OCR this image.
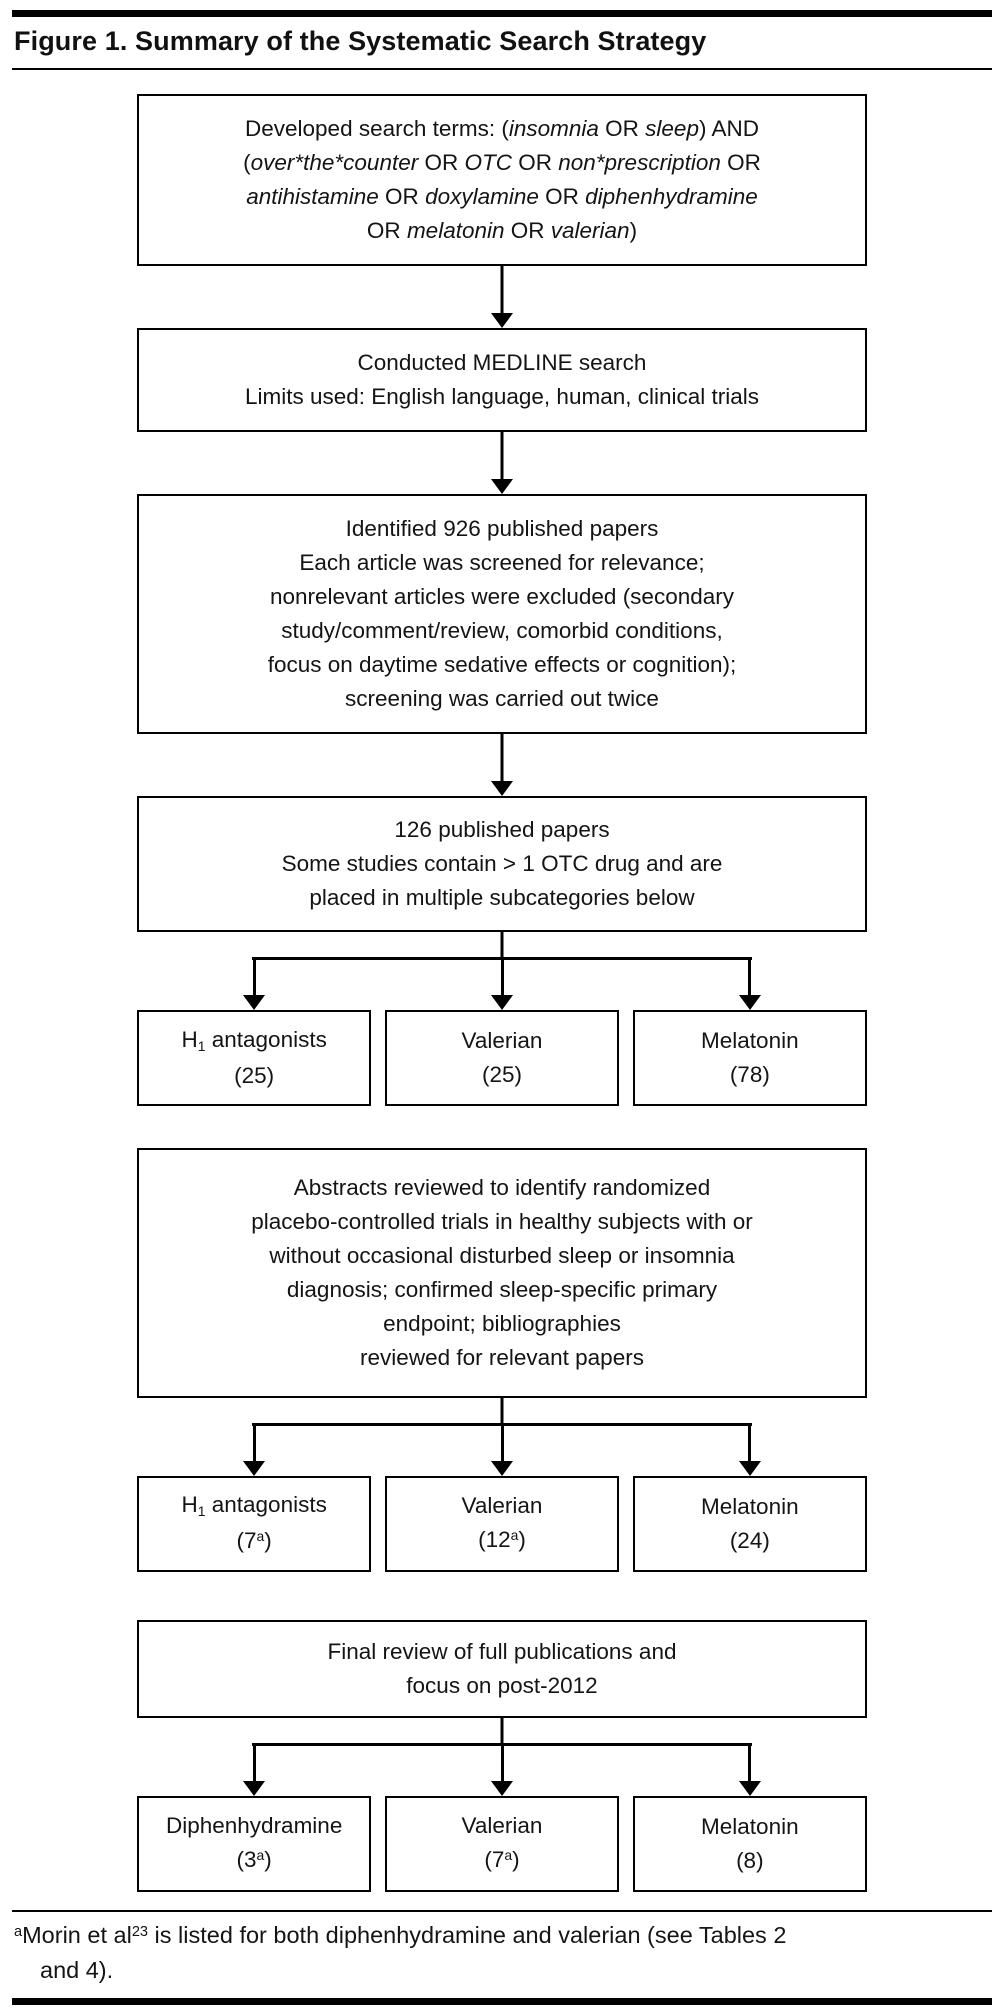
Figure 1. Summary of the Systematic Search Strategy
Developed search terms: (insomnia OR sleep) AND
(over*the*counter OR OTC OR non*prescription OR
antihistamine OR doxylamine OR diphenhydramine
OR melatonin OR valerian)
Conducted MEDLINE search
Limits used: English language, human, clinical trials
Identified 926 published papers
Each article was screened for relevance;
nonrelevant articles were excluded (secondary
study/comment/review, comorbid conditions,
focus on daytime sedative effects or cognition);
screening was carried out twice
126 published papers
Some studies contain > 1 OTC drug and are
placed in multiple subcategories below
H1 antagonists
(25)
Valerian
(25)
Melatonin
(78)
Abstracts reviewed to identify randomized
placebo-controlled trials in healthy subjects with or
without occasional disturbed sleep or insomnia
diagnosis; confirmed sleep-specific primary
endpoint; bibliographies
reviewed for relevant papers
H1 antagonists
(7$^a$)
Valerian
(12$^a$)
Melatonin
(24)
Final review of full publications and
focus on post-2012
Diphenhydramine
(3$^a$)
Valerian
(7$^a$)
Melatonin
(8)
$^a$Morin et $al^{23}$ is listed for both diphenhydramine and valerian (see Tables 2
and 4).
